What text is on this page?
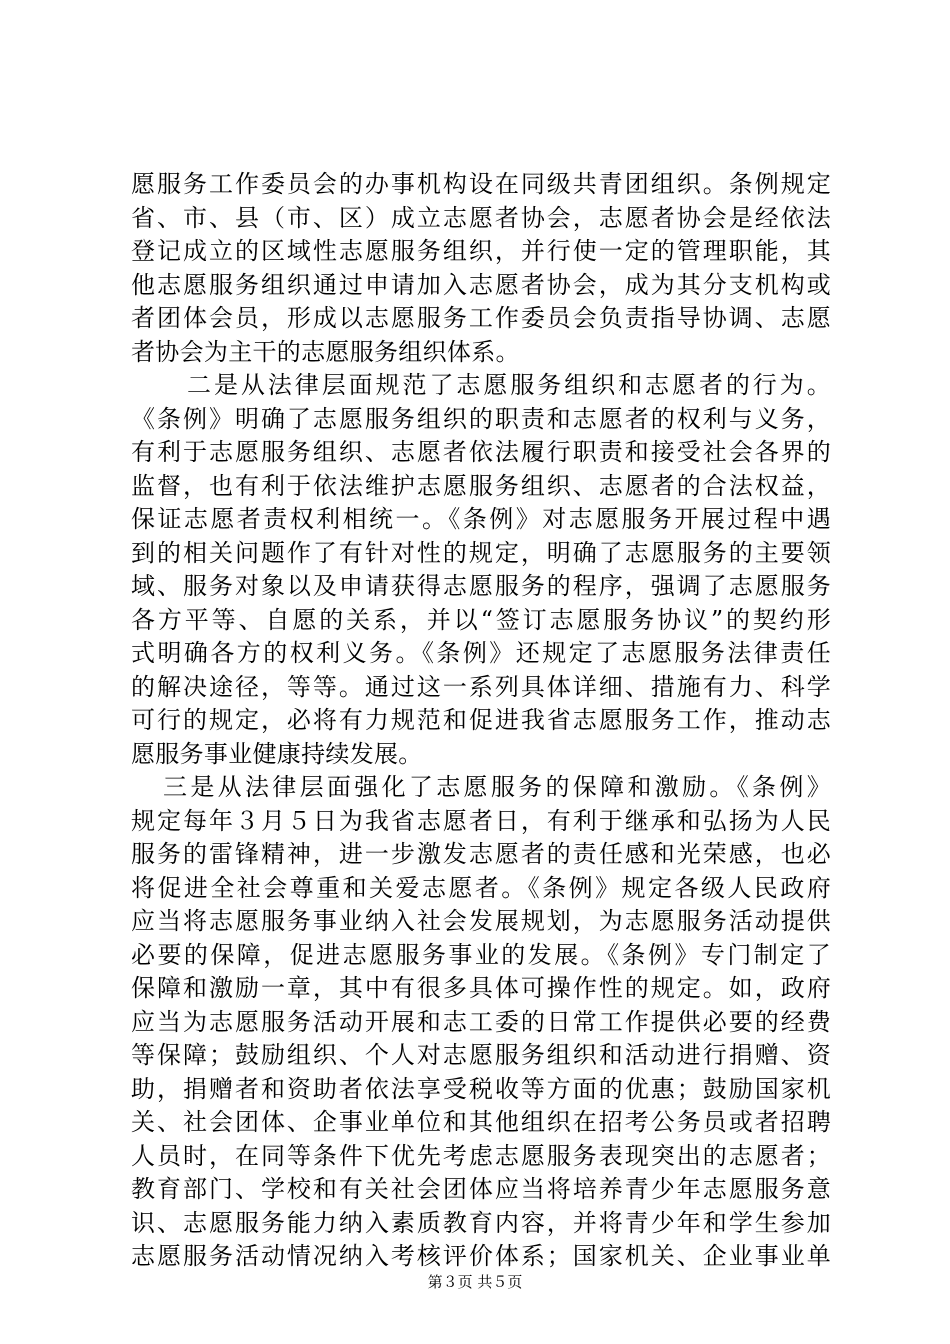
愿服务工作委员会的办事机构设在同级共青团组织。条例规定
省、市、县（市、区）成立志愿者协会，志愿者协会是经依法
登记成立的区域性志愿服务组织，并行使一定的管理职能，其
他志愿服务组织通过申请加入志愿者协会，成为其分支机构或
者团体会员，形成以志愿服务工作委员会负责指导协调、志愿
者协会为主干的志愿服务组织体系。
二是从法律层面规范了志愿服务组织和志愿者的行为。
《条例》明确了志愿服务组织的职责和志愿者的权利与义务，
有利于志愿服务组织、志愿者依法履行职责和接受社会各界的
监督，也有利于依法维护志愿服务组织、志愿者的合法权益，
保证志愿者责权利相统一。《条例》对志愿服务开展过程中遇
到的相关问题作了有针对性的规定，明确了志愿服务的主要领
域、服务对象以及申请获得志愿服务的程序，强调了志愿服务
各方平等、自愿的关系，并以“签订志愿服务协议”的契约形
式明确各方的权利义务。《条例》还规定了志愿服务法律责任
的解决途径，等等。通过这一系列具体详细、措施有力、科学
可行的规定，必将有力规范和促进我省志愿服务工作，推动志
愿服务事业健康持续发展。
三是从法律层面强化了志愿服务的保障和激励。《条例》
规定每年３月５日为我省志愿者日，有利于继承和弘扬为人民
服务的雷锋精神，进一步激发志愿者的责任感和光荣感，也必
将促进全社会尊重和关爱志愿者。《条例》规定各级人民政府
应当将志愿服务事业纳入社会发展规划，为志愿服务活动提供
必要的保障，促进志愿服务事业的发展。《条例》专门制定了
保障和激励一章，其中有很多具体可操作性的规定。如，政府
应当为志愿服务活动开展和志工委的日常工作提供必要的经费
等保障；鼓励组织、个人对志愿服务组织和活动进行捐赠、资
助，捐赠者和资助者依法享受税收等方面的优惠；鼓励国家机
关、社会团体、企事业单位和其他组织在招考公务员或者招聘
人员时，在同等条件下优先考虑志愿服务表现突出的志愿者；
教育部门、学校和有关社会团体应当将培养青少年志愿服务意
识、志愿服务能力纳入素质教育内容，并将青少年和学生参加
志愿服务活动情况纳入考核评价体系；国家机关、企业事业单
第３页 共５页
